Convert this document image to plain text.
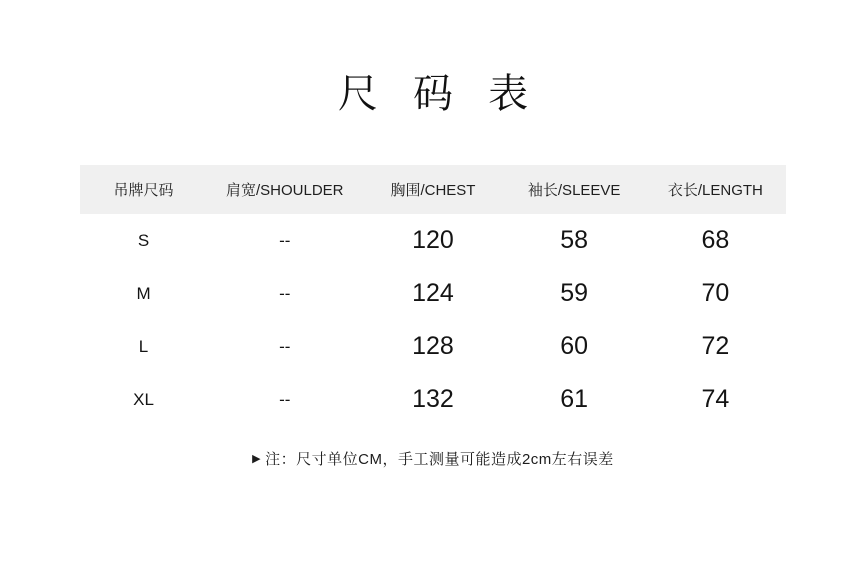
尺 码 表
吊牌尺码	肩宽/SHOULDER	胸围/CHEST	袖长/SLEEVE	衣长/LENGTH
S	--	120	58	68
M	--	124	59	70
L	--	128	60	72
XL	--	132	61	74
▶ 注：尺寸单位CM，手工测量可能造成2cm左右误差
